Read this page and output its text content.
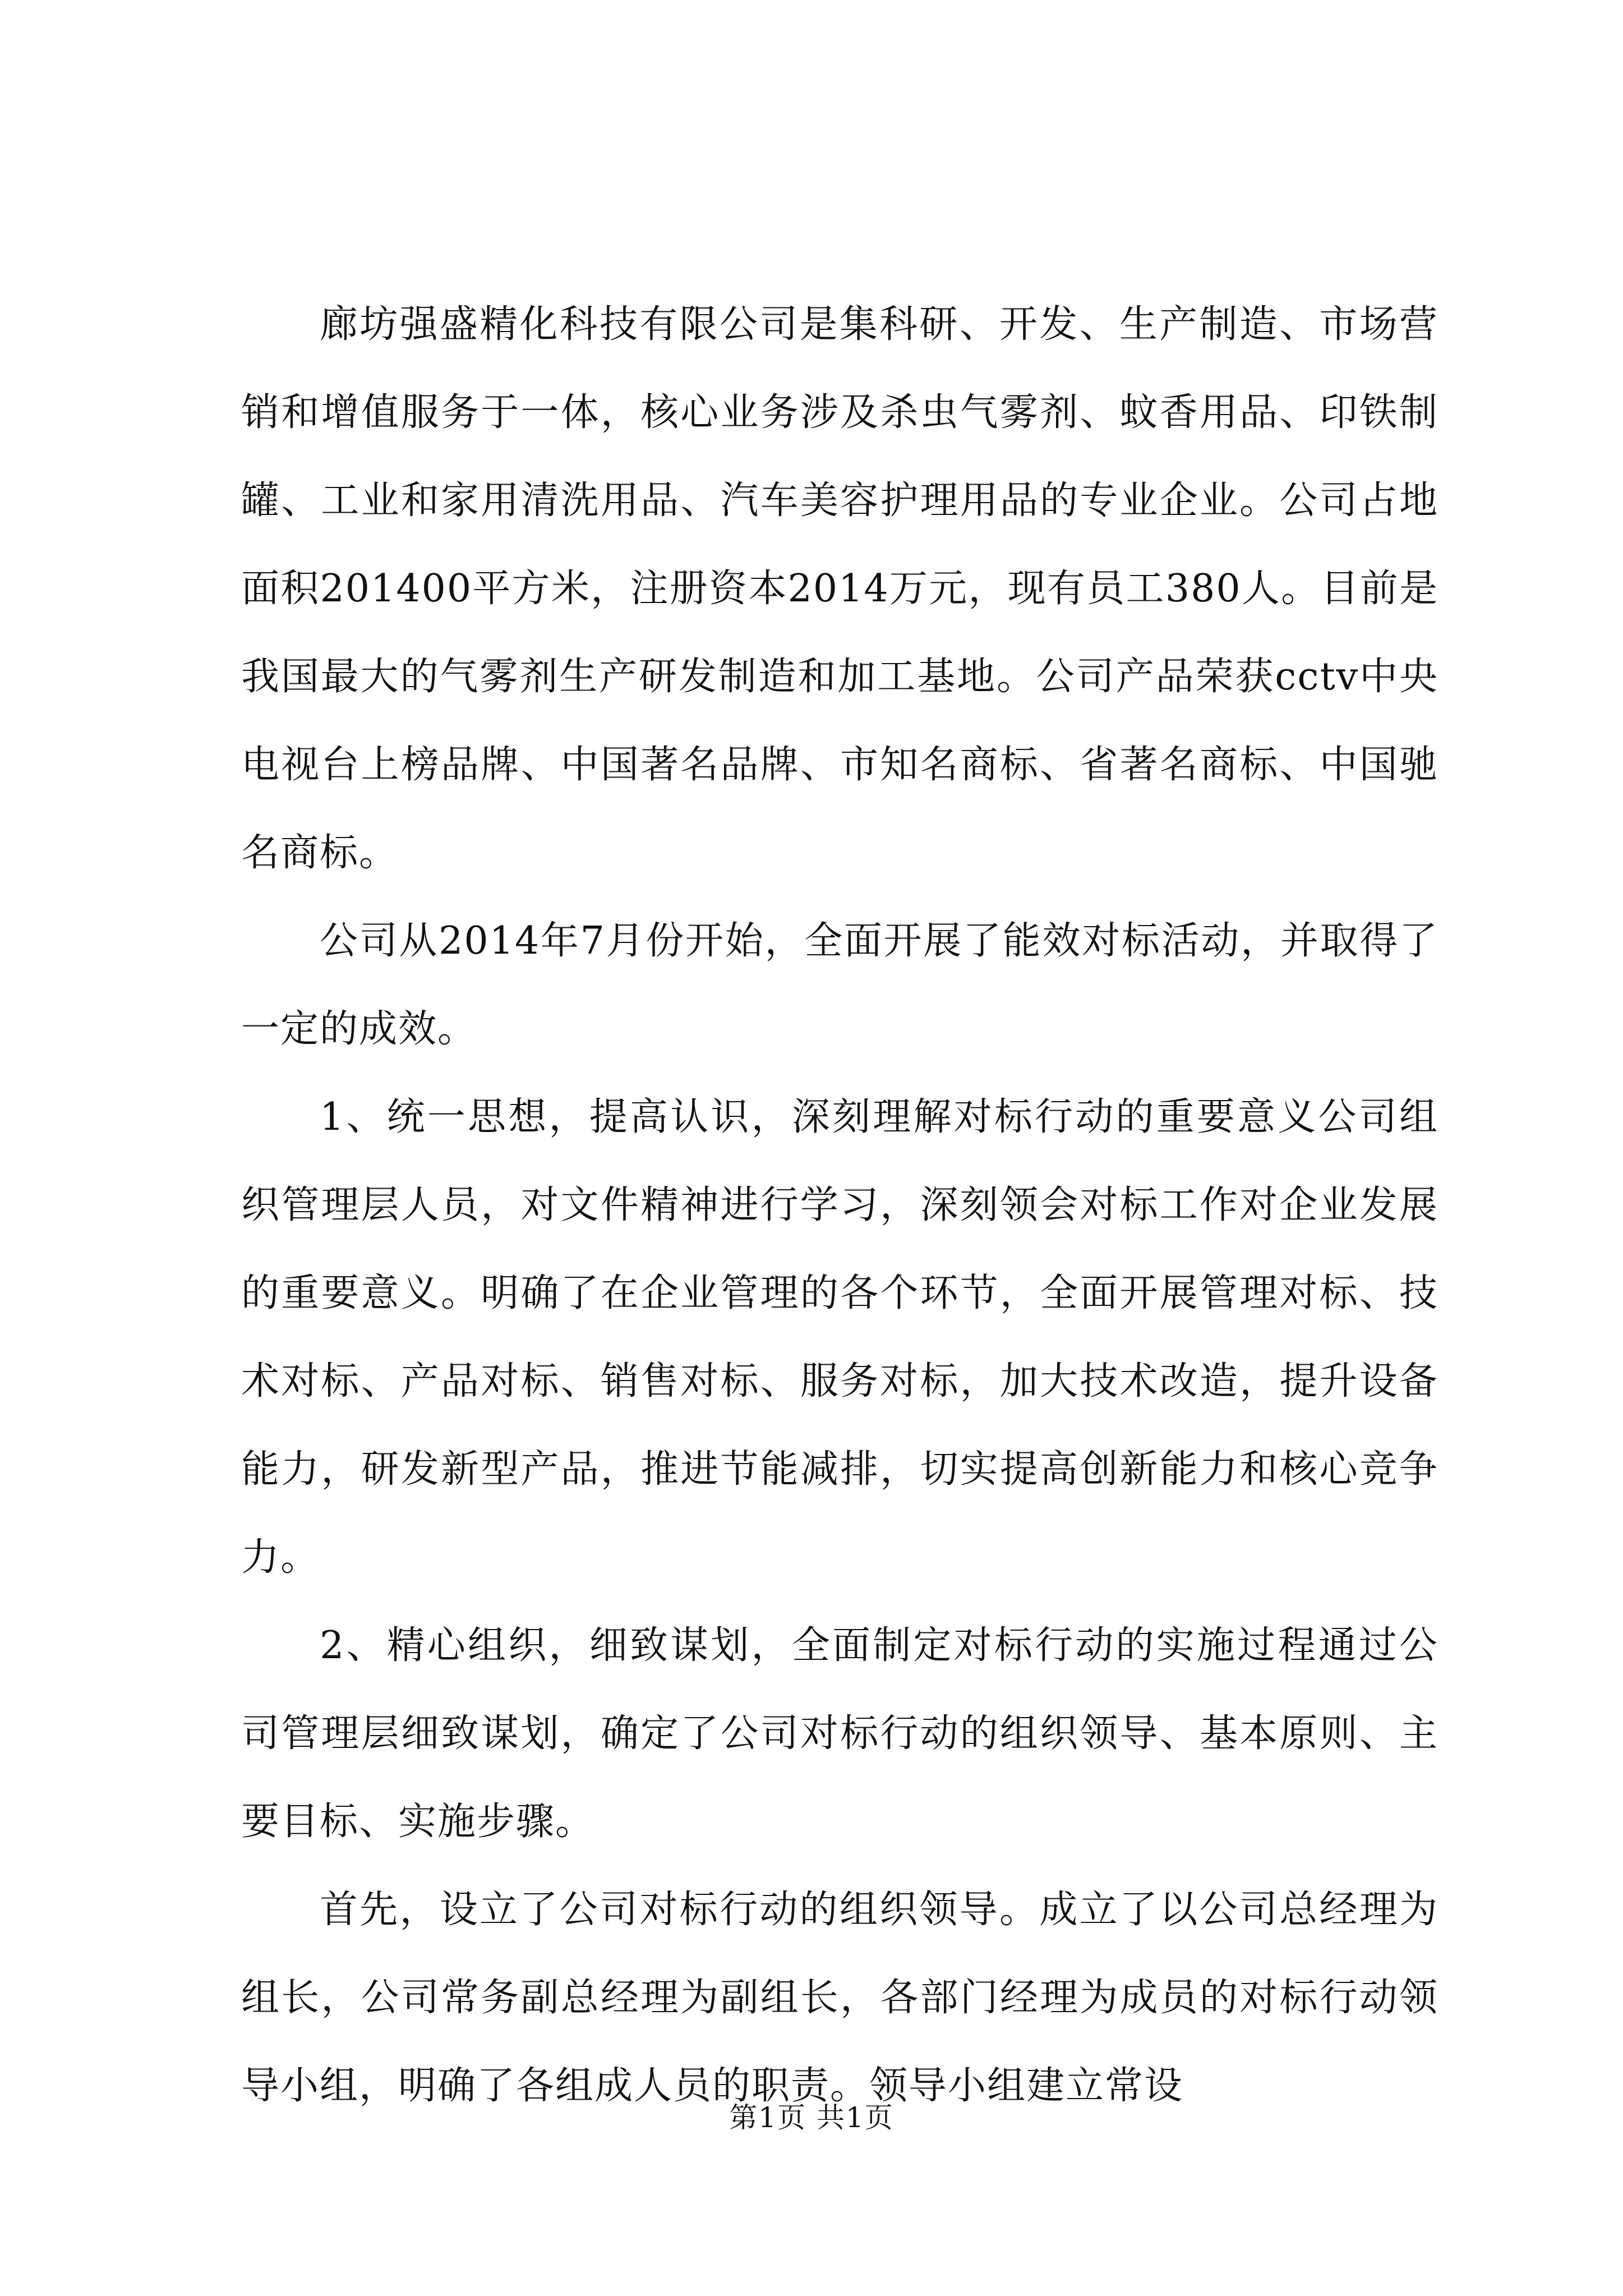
廊坊强盛精化科技有限公司是集科研、开发、生产制造、市场营销和增值服务于一体，核心业务涉及杀虫气雾剂、蚊香用品、印铁制罐、工业和家用清洗用品、汽车美容护理用品的专业企业。公司占地面积201400平方米，注册资本2014万元，现有员工380人。目前是我国最大的气雾剂生产研发制造和加工基地。公司产品荣获cctv中央电视台上榜品牌、中国著名品牌、市知名商标、省著名商标、中国驰名商标。

公司从2014年7月份开始，全面开展了能效对标活动，并取得了一定的成效。

1、统一思想，提高认识，深刻理解对标行动的重要意义公司组织管理层人员，对文件精神进行学习，深刻领会对标工作对企业发展的重要意义。明确了在企业管理的各个环节，全面开展管理对标、技术对标、产品对标、销售对标、服务对标，加大技术改造，提升设备能力，研发新型产品，推进节能减排，切实提高创新能力和核心竞争力。

2、精心组织，细致谋划，全面制定对标行动的实施过程通过公司管理层细致谋划，确定了公司对标行动的组织领导、基本原则、主要目标、实施步骤。

首先，设立了公司对标行动的组织领导。成立了以公司总经理为组长，公司常务副总经理为副组长，各部门经理为成员的对标行动领导小组，明确了各组成人员的职责。领导小组建立常设

第1页 共1页
